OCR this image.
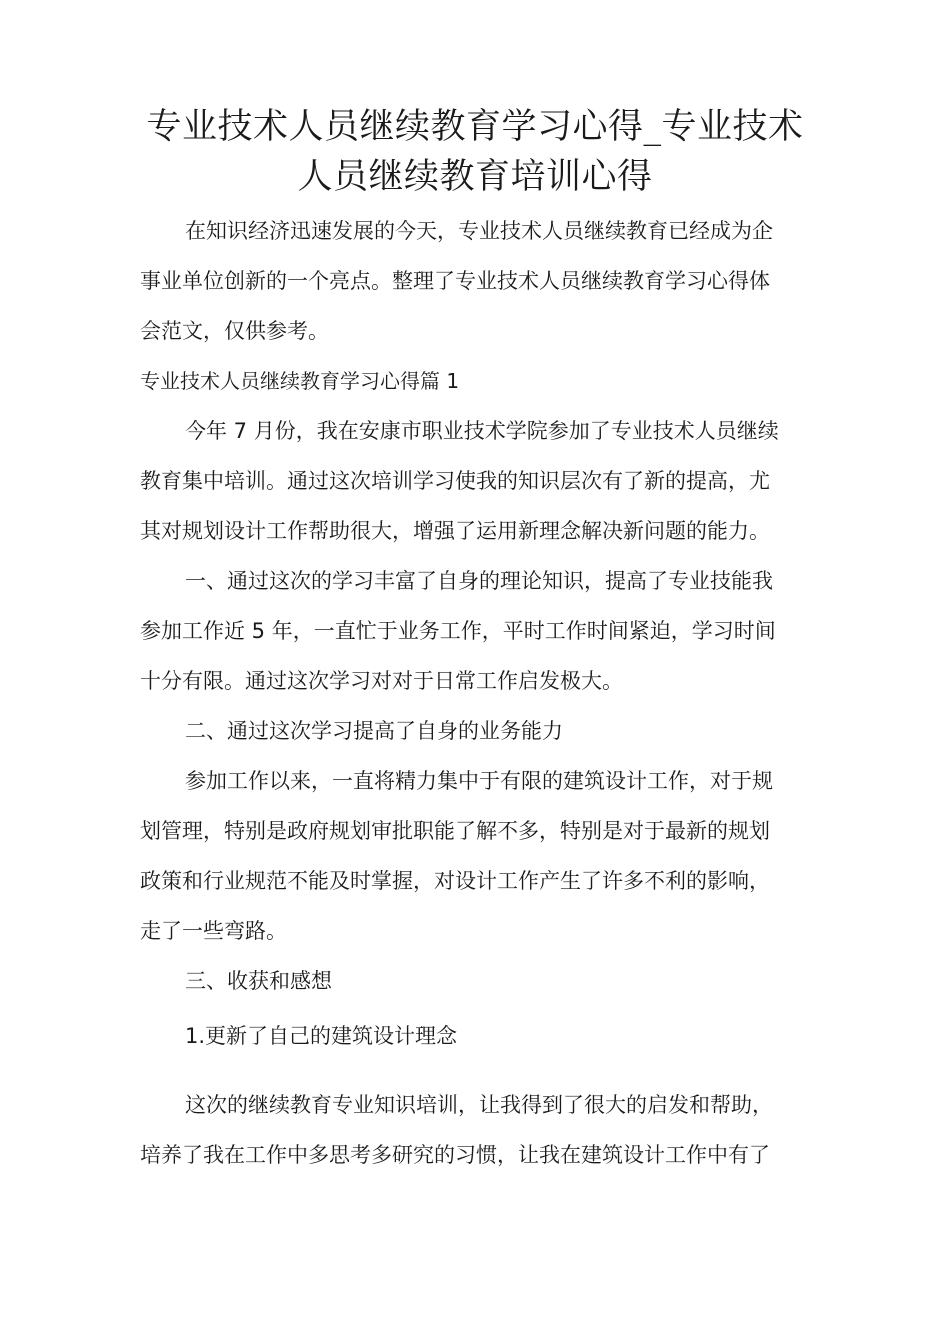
专业技术人员继续教育学习心得_专业技术
人员继续教育培训心得

在知识经济迅速发展的今天，专业技术人员继续教育已经成为企

事业单位创新的一个亮点。整理了专业技术人员继续教育学习心得体

会范文，仅供参考。

专业技术人员继续教育学习心得篇 1

今年 7 月份，我在安康市职业技术学院参加了专业技术人员继续

教育集中培训。通过这次培训学习使我的知识层次有了新的提高，尤

其对规划设计工作帮助很大，增强了运用新理念解决新问题的能力。

一、通过这次的学习丰富了自身的理论知识，提高了专业技能我

参加工作近 5 年，一直忙于业务工作，平时工作时间紧迫，学习时间

十分有限。通过这次学习对对于日常工作启发极大。

二、通过这次学习提高了自身的业务能力

参加工作以来，一直将精力集中于有限的建筑设计工作，对于规

划管理，特别是政府规划审批职能了解不多，特别是对于最新的规划

政策和行业规范不能及时掌握，对设计工作产生了许多不利的影响，

走了一些弯路。

三、收获和感想

1.更新了自己的建筑设计理念

这次的继续教育专业知识培训，让我得到了很大的启发和帮助，

培养了我在工作中多思考多研究的习惯，让我在建筑设计工作中有了
